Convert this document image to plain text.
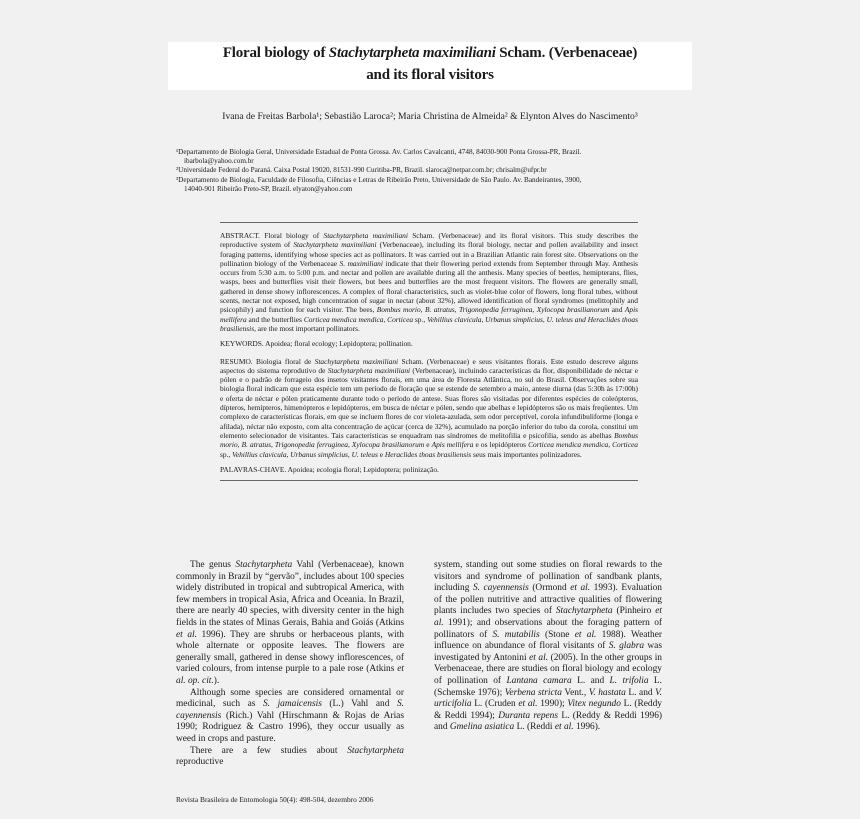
Floral biology of Stachytarpheta maximiliani Scham. (Verbenaceae)
and its floral visitors
Ivana de Freitas Barbola¹; Sebastião Laroca²; Maria Christina de Almeida² & Elynton Alves do Nascimento³
¹Departamento de Biologia Geral, Universidade Estadual de Ponta Grossa. Av. Carlos Cavalcanti, 4748, 84030-900 Ponta Grossa-PR, Brazil.
ibarbola@yahoo.com.br
²Universidade Federal do Paraná. Caixa Postal 19020, 81531-990 Curitiba-PR, Brazil. slaroca@netpar.com.br; chrisalm@ufpr.br
³Departamento de Biologia, Faculdade de Filosofia, Ciências e Letras de Ribeirão Preto, Universidade de São Paulo. Av. Bandeirantes, 3900,
14040-901 Ribeirão Preto-SP, Brazil. elyaton@yahoo.com
ABSTRACT. Floral biology of Stachytarpheta maximiliani Scham. (Verbenaceae) and its floral visitors. This study describes the reproductive system of Stachytarpheta maximiliani (Verbenaceae), including its floral biology, nectar and pollen availability and insect foraging patterns, identifying whose species act as pollinators. It was carried out in a Brazilian Atlantic rain forest site. Observations on the pollination biology of the Verbenaceae S. maximiliani indicate that their flowering period extends from September through May. Anthesis occurs from 5:30 a.m. to 5:00 p.m. and nectar and pollen are available during all the anthesis. Many species of beetles, hemipterans, flies, wasps, bees and butterflies visit their flowers, but bees and butterflies are the most frequent visitors. The flowers are generally small, gathered in dense showy inflorescences. A complex of floral characteristics, such as violet-blue color of flowers, long floral tubes, without scents, nectar not exposed, high concentration of sugar in nectar (about 32%), allowed identification of floral syndromes (melittophily and psicophily) and function for each visitor. The bees, Bombus morio, B. atratus, Trigonopedia ferruginea, Xylocopa brasilianorum and Apis mellifera and the butterflies Corticea mendica mendica, Corticea sp., Vehillius clavicula, Urbanus simplicius, U. teleus and Heraclides thoas brasiliensis, are the most important pollinators.
KEYWORDS. Apoidea; floral ecology; Lepidoptera; pollination.
RESUMO. Biologia floral de Stachytarpheta maximiliani Scham. (Verbenaceae) e seus visitantes florais. Este estudo descreve alguns aspectos do sistema reprodutivo de Stachytarpheta maximiliani (Verbenaceae), incluindo características da flor, disponibilidade de néctar e pólen e o padrão de forrageio dos insetos visitantes florais, em uma área de Floresta Atlântica, no sul do Brasil. Observações sobre sua biologia floral indicam que esta espécie tem um período de floração que se estende de setembro a maio, antese diurna (das 5:30h às 17:00h) e oferta de néctar e pólen praticamente durante todo o período de antese. Suas flores são visitadas por diferentes espécies de coleópteros, dípteros, hemípteros, himenópteros e lepidópteros, em busca de néctar e pólen, sendo que abelhas e lepidópteros são os mais freqüentes. Um complexo de características florais, em que se incluem flores de cor violeta-azulada, sem odor perceptível, corola infundibuliforme (longa e afilada), néctar não exposto, com alta concentração de açúcar (cerca de 32%), acumulado na porção inferior do tubo da corola, constitui um elemento selecionador de visitantes. Tais características se enquadram nas síndromes de melitofilia e psicofilia, sendo as abelhas Bombus morio, B. atratus, Trigonopedia ferruginea, Xylocopa brasilianorum e Apis mellifera e os lepidópteros Corticea mendica mendica, Corticea sp., Vehillius clavicula, Urbanus simplicius, U. teleus e Heraclides thoas brasiliensis seus mais importantes polinizadores.
PALAVRAS-CHAVE. Apoidea; ecologia floral; Lepidoptera; polinização.

The genus Stachytarpheta Vahl (Verbenaceae), known commonly in Brazil by “gervão”, includes about 100 species widely distributed in tropical and subtropical America, with few members in tropical Asia, Africa and Oceania. In Brazil, there are nearly 40 species, with diversity center in the high fields in the states of Minas Gerais, Bahia and Goiás (Atkins et al. 1996). They are shrubs or herbaceous plants, with whole alternate or opposite leaves. The flowers are generally small, gathered in dense showy inflorescences, of varied colours, from intense purple to a pale rose (Atkins et al. op. cit.).

Although some species are considered ornamental or medicinal, such as S. jamaicensis (L.) Vahl and S. cayennensis (Rich.) Vahl (Hirschmann & Rojas de Arias 1990; Rodriguez & Castro 1996), they occur usually as weed in crops and pasture.

There are a few studies about Stachytarpheta reproductive

system, standing out some studies on floral rewards to the visitors and syndrome of pollination of sandbank plants, including S. cayennensis (Ormond et al. 1993). Evaluation of the pollen nutritive and attractive qualities of flowering plants includes two species of Stachytarpheta (Pinheiro et al. 1991); and observations about the foraging pattern of pollinators of S. mutabilis (Stone et al. 1988). Weather influence on abundance of floral visitants of S. glabra was investigated by Antonini et al. (2005). In the other groups in Verbenaceae, there are studies on floral biology and ecology of pollination of Lantana camara L. and L. trifolia L. (Schemske 1976); Verbena stricta Vent., V. hastata L. and V. urticifolia L. (Cruden et al. 1990); Vitex negundo L. (Reddy & Reddi 1994); Duranta repens L. (Reddy & Reddi 1996) and Gmelina asiatica L. (Reddi et al. 1996).

Revista Brasileira de Entomologia 50(4): 498-504, dezembro 2006
